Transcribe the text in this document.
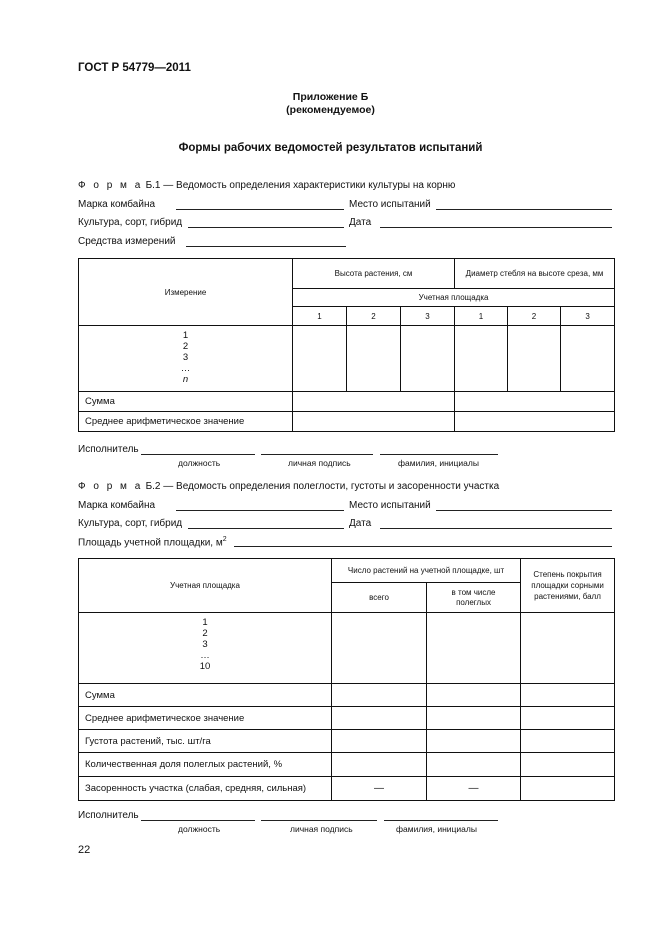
ГОСТ Р 54779—2011
Приложение Б
(рекомендуемое)
Формы рабочих ведомостей результатов испытаний
Ф о р м а Б.1 — Ведомость определения характеристики культуры на корню
Марка комбайна	Место испытаний
Культура, сорт, гибрид	Дата
Средства измерений
Измерение	Высота растения, см			Диаметр стебля на высоте среза, мм		
	Учетная площадка					
	1	2	3	1	2	3

1
2
3
…
n						

Сумма						
Среднее арифметическое значение						
Исполнитель
должность	личная подпись	фамилия, инициалы
Ф о р м а Б.2 — Ведомость определения полеглости, густоты и засоренности участка
Марка комбайна	Место испытаний
Культура, сорт, гибрид	Дата
Площадь учетной площадки, $м^2$
Учетная площадка	Число растений на учетной площадке, шт		Степень покрытия площадки сорными растениями, балл
	всего	в том числе полеглых	

1
2
3
…
10			

Сумма			
Среднее арифметическое значение			
Густота растений, тыс. шт/га			
Количественная доля полеглых растений, %			
Засоренность участка (слабая, средняя, сильная)	—	—	
Исполнитель
должность	личная подпись	фамилия, инициалы
22
